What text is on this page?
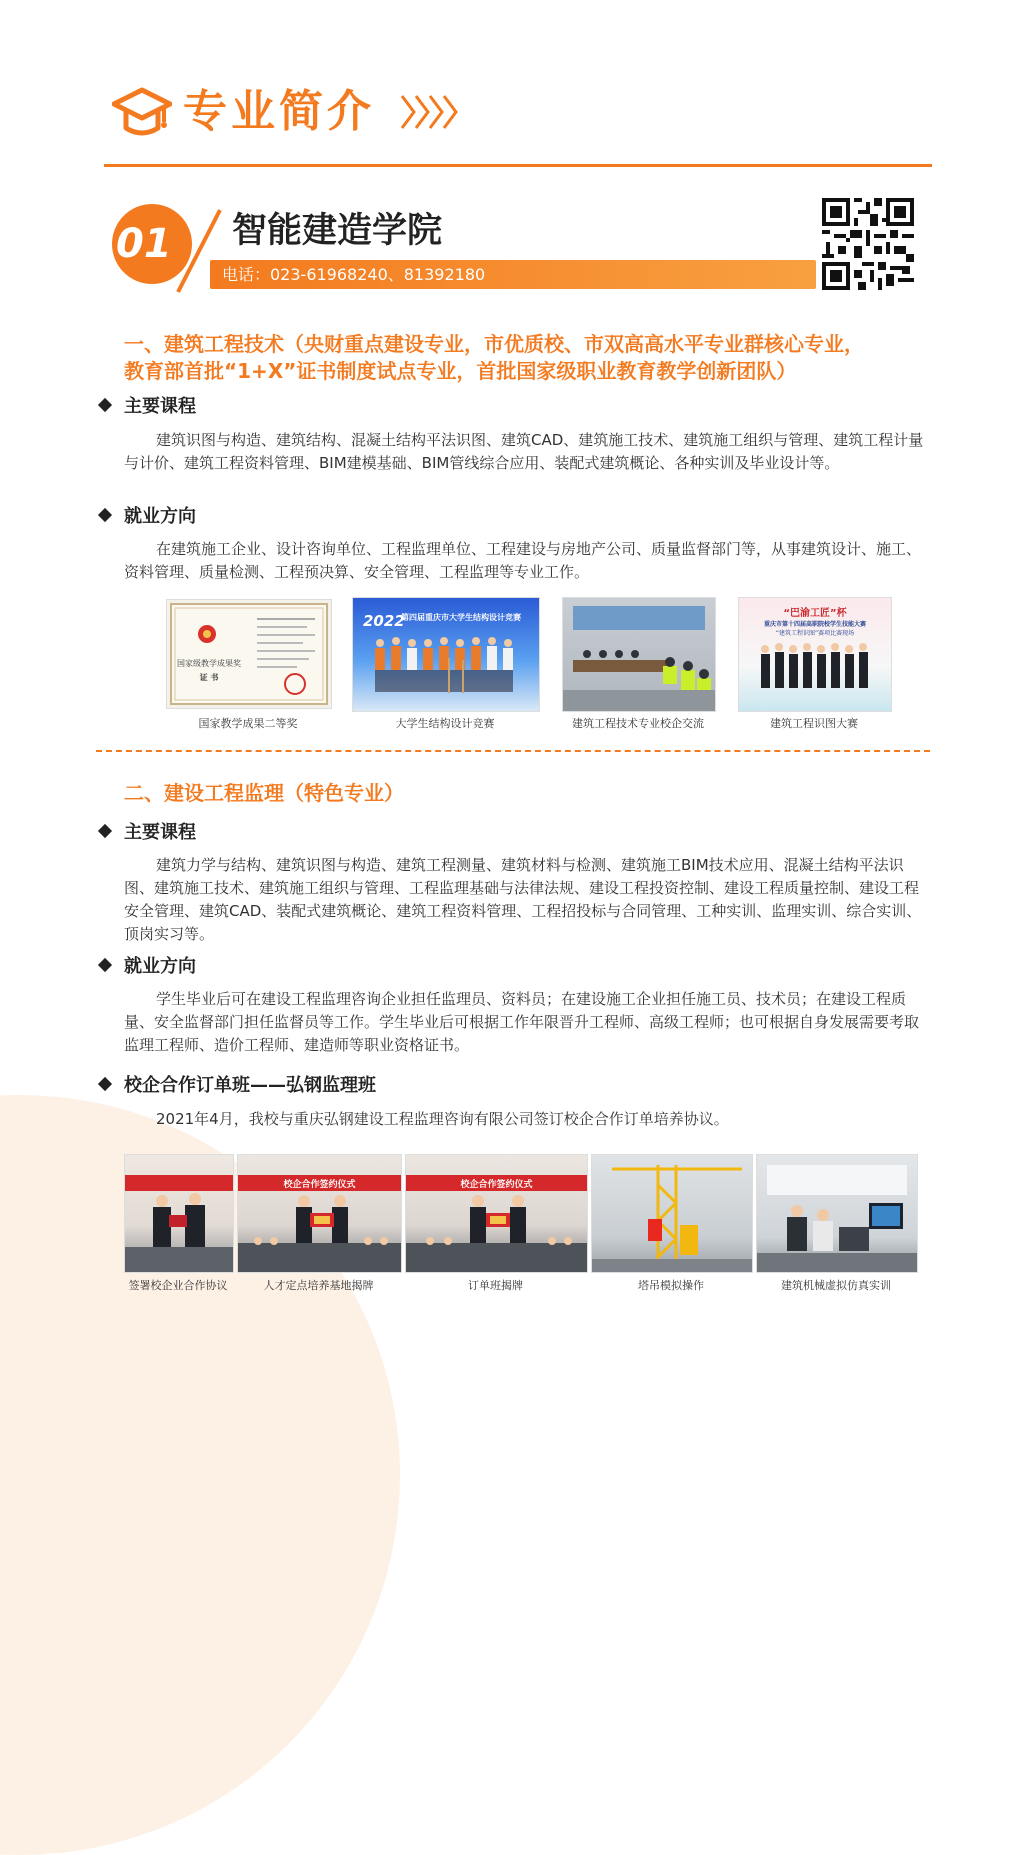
专业简介
01 智能建造学院
电话：023-61968240、81392180
一、建筑工程技术（央财重点建设专业，市优质校、市双高高水平专业群核心专业，
教育部首批“1+X”证书制度试点专业，首批国家级职业教育教学创新团队）
主要课程
建筑识图与构造、建筑结构、混凝土结构平法识图、建筑CAD、建筑施工技术、建筑施工组织与管理、建筑工程计量与计价、建筑工程资料管理、BIM建模基础、BIM管线综合应用、装配式建筑概论、各种实训及毕业设计等。
就业方向
在建筑施工企业、设计咨询单位、工程监理单位、工程建设与房地产公司、质量监督部门等，从事建筑设计、施工、资料管理、质量检测、工程预决算、安全管理、工程监理等专业工作。
国家级教学成果奖
证 书
国家教学成果二等奖
2022
第四届重庆市大学生结构设计竞赛
大学生结构设计竞赛	建筑工程技术专业校企交流
“巴渝工匠”杯
重庆市第十四届高职院校学生技能大赛
“建筑工程识图”赛项比赛现场
建筑工程识图大赛
二、建设工程监理（特色专业）
主要课程
建筑力学与结构、建筑识图与构造、建筑工程测量、建筑材料与检测、建筑施工BIM技术应用、混凝土结构平法识图、建筑施工技术、建筑施工组织与管理、工程监理基础与法律法规、建设工程投资控制、建设工程质量控制、建设工程安全管理、建筑CAD、装配式建筑概论、建筑工程资料管理、工程招投标与合同管理、工种实训、监理实训、综合实训、顶岗实习等。
就业方向
学生毕业后可在建设工程监理咨询企业担任监理员、资料员；在建设施工企业担任施工员、技术员；在建设工程质量、安全监督部门担任监督员等工作。学生毕业后可根据工作年限晋升工程师、高级工程师；也可根据自身发展需要考取监理工程师、造价工程师、建造师等职业资格证书。
校企合作订单班——弘钢监理班
2021年4月，我校与重庆弘钢建设工程监理咨询有限公司签订校企合作订单培养协议。
签署校企业合作协议
校企合作签约仪式
人才定点培养基地揭牌
校企合作签约仪式
订单班揭牌	塔吊模拟操作	建筑机械虚拟仿真实训
